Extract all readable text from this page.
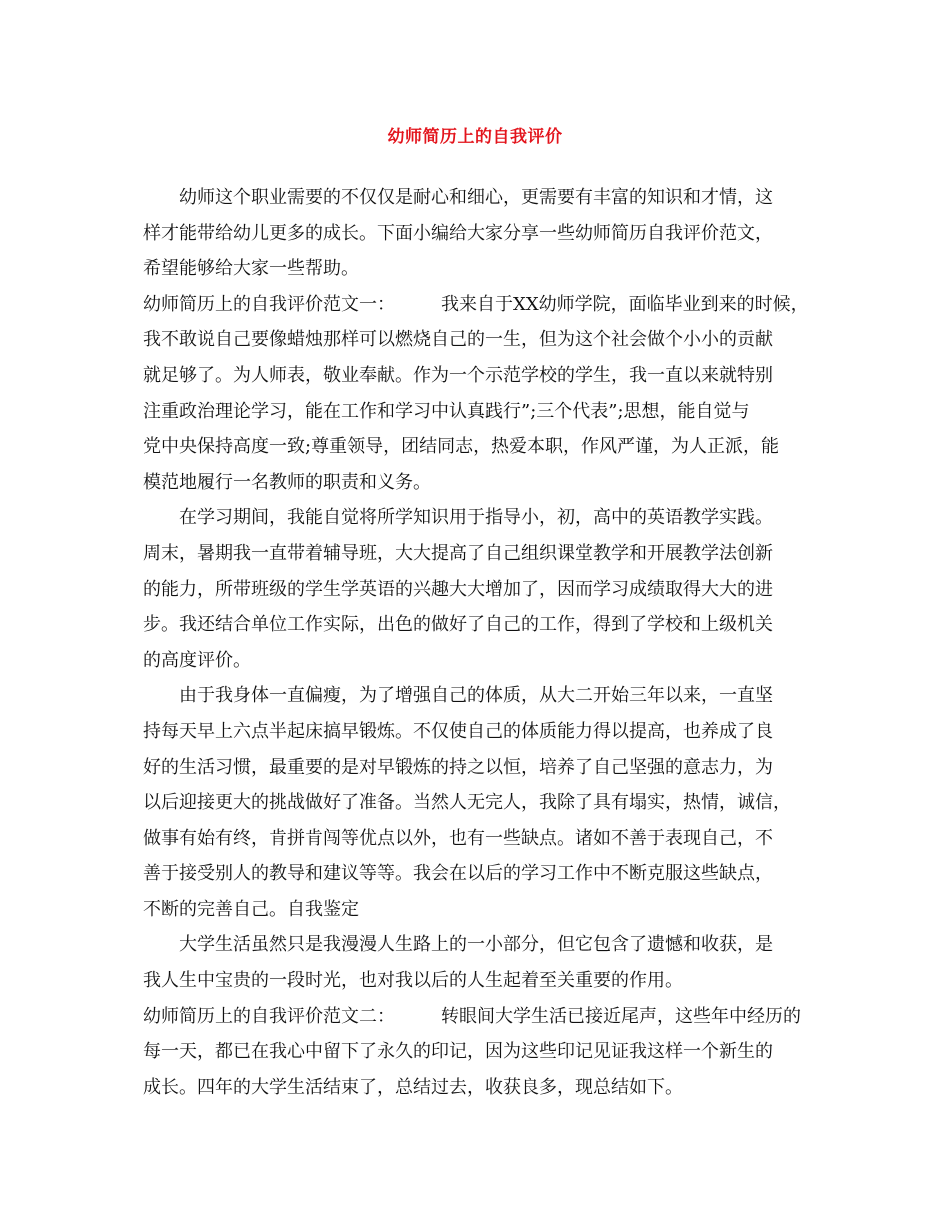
幼师简历上的自我评价
幼师这个职业需要的不仅仅是耐心和细心，更需要有丰富的知识和才情，这
样才能带给幼儿更多的成长。下面小编给大家分享一些幼师简历自我评价范文，
希望能够给大家一些帮助。
幼师简历上的自我评价范文一：	我来自于XX幼师学院，面临毕业到来的时候，
我不敢说自己要像蜡烛那样可以燃烧自己的一生，但为这个社会做个小小的贡献
就足够了。为人师表，敬业奉献。作为一个示范学校的学生，我一直以来就特别
注重政治理论学习，能在工作和学习中认真践行”;三个代表”;思想，能自觉与
党中央保持高度一致;尊重领导，团结同志，热爱本职，作风严谨，为人正派，能
模范地履行一名教师的职责和义务。
在学习期间，我能自觉将所学知识用于指导小，初，高中的英语教学实践。
周末，暑期我一直带着辅导班，大大提高了自己组织课堂教学和开展教学法创新
的能力，所带班级的学生学英语的兴趣大大增加了，因而学习成绩取得大大的进
步。我还结合单位工作实际，出色的做好了自己的工作，得到了学校和上级机关
的高度评价。
由于我身体一直偏瘦，为了增强自己的体质，从大二开始三年以来，一直坚
持每天早上六点半起床搞早锻炼。不仅使自己的体质能力得以提高，也养成了良
好的生活习惯，最重要的是对早锻炼的持之以恒，培养了自己坚强的意志力，为
以后迎接更大的挑战做好了准备。当然人无完人，我除了具有塌实，热情，诚信，
做事有始有终，肯拼肯闯等优点以外，也有一些缺点。诸如不善于表现自己，不
善于接受别人的教导和建议等等。我会在以后的学习工作中不断克服这些缺点，
不断的完善自己。自我鉴定
大学生活虽然只是我漫漫人生路上的一小部分，但它包含了遗憾和收获，是
我人生中宝贵的一段时光，也对我以后的人生起着至关重要的作用。
幼师简历上的自我评价范文二：	转眼间大学生活已接近尾声，这些年中经历的
每一天，都已在我心中留下了永久的印记，因为这些印记见证我这样一个新生的
成长。四年的大学生活结束了，总结过去，收获良多，现总结如下。
